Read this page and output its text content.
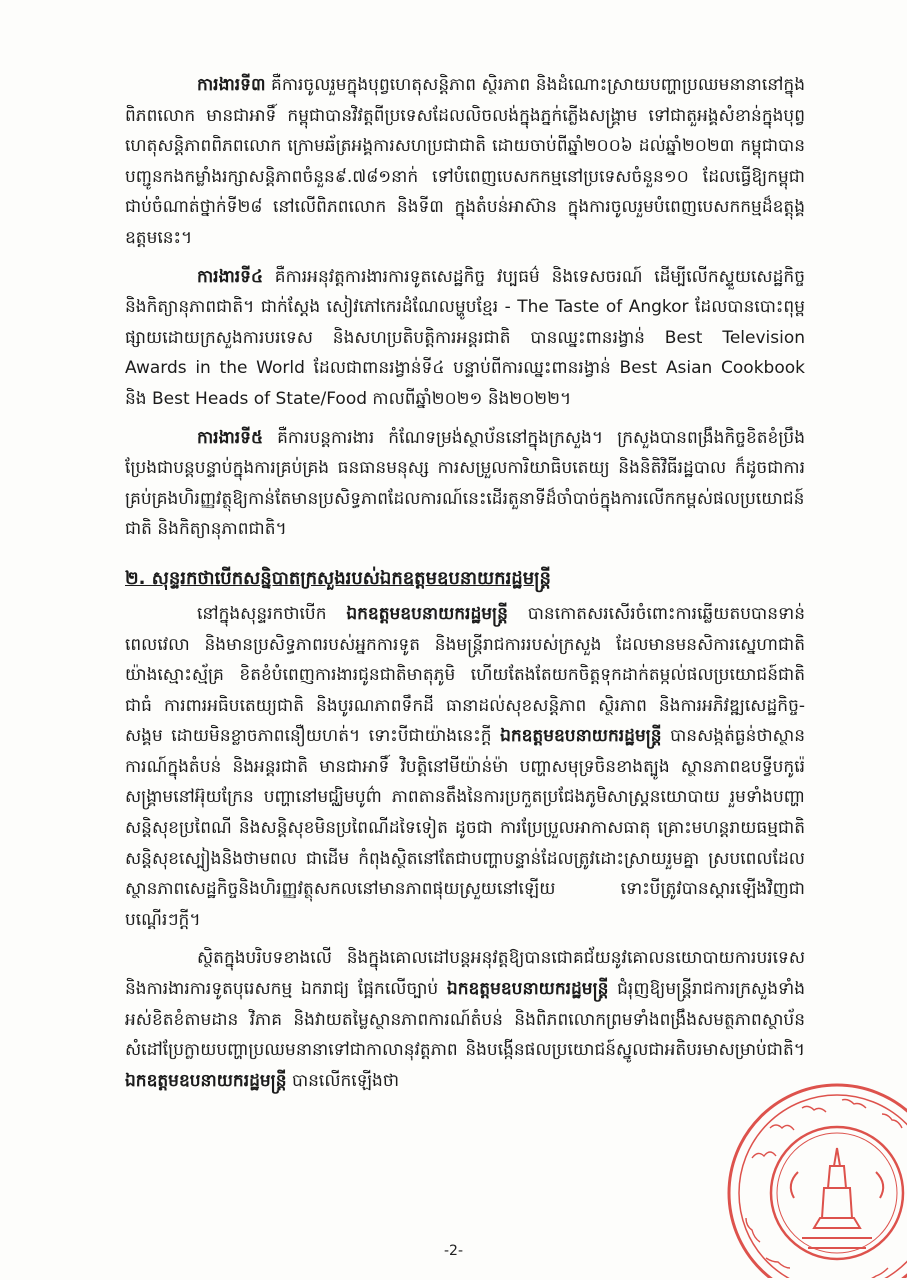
ការងារទី៣ គឺការចូលរួមក្នុងបុព្វហេតុសន្តិភាព ស្ថិរភាព និងដំណោះស្រាយបញ្ហាប្រឈមនានានៅក្នុងពិភពលោក មានជាអាទិ៍ កម្ពុជាបានវិវត្តពីប្រទេសដែលលិចលង់ក្នុងភ្នក់ភ្លើងសង្គ្រាម ទៅជាតួអង្គសំខាន់ក្នុងបុព្វហេតុសន្តិភាពពិភពលោក ក្រោមឆ័ត្រអង្គការសហប្រជាជាតិ ដោយចាប់ពីឆ្នាំ២០០៦ ដល់ឆ្នាំ២០២៣ កម្ពុជាបានបញ្ជូនកងកម្លាំងរក្សាសន្តិភាពចំនួន៩.៧៨១នាក់ ទៅបំពេញបេសកកម្មនៅប្រទេសចំនួន១០ ដែលធ្វើឱ្យកម្ពុជាជាប់ចំណាត់ថ្នាក់ទី២៨ នៅលើពិភពលោក និងទី៣ ក្នុងតំបន់អាស៊ាន ក្នុងការចូលរួមបំពេញបេសកកម្មដ៏ឧត្តុង្គឧត្តមនេះ។

ការងារទី៤ គឺការអនុវត្តការងារការទូតសេដ្ឋកិច្ច វប្បធម៌ និងទេសចរណ៍ ដើម្បីលើកស្ទួយសេដ្ឋកិច្ច និងកិត្យានុភាពជាតិ។ ជាក់ស្តែង សៀវភៅកេរដំណែលម្ហូបខ្មែរ - The Taste of Angkor ដែលបានបោះពុម្ព ផ្សាយដោយក្រសួងការបរទេស និងសហប្រតិបត្តិការអន្តរជាតិ បានឈ្នះពានរង្វាន់ Best Television Awards in the World ដែលជាពានរង្វាន់ទី៤ បន្ទាប់ពីការឈ្នះពានរង្វាន់ Best Asian Cookbook និង Best Heads of State/Food កាលពីឆ្នាំ២០២១ និង២០២២។

ការងារទី៥ គឺការបន្តការងារ កំណែទម្រង់ស្ថាប័ននៅក្នុងក្រសួង។ ក្រសួងបានពង្រឹងកិច្ចខិតខំប្រឹងប្រែងជាបន្តបន្ទាប់ក្នុងការគ្រប់គ្រង ធនធានមនុស្ស ការសម្រួលការិយាធិបតេយ្យ និងនិតិវិធីរដ្ឋបាល ក៏ដូចជាការគ្រប់គ្រងហិរញ្ញវត្ថុឱ្យកាន់តែមានប្រសិទ្ធភាពដែលការណ៍នេះដើរតួនាទីដ៏ចាំបាច់ក្នុងការលើកកម្ពស់ផលប្រយោជន៍ជាតិ និងកិត្យានុភាពជាតិ។

២. សុន្ទរកថាបើកសន្និបាតក្រសួងរបស់ឯកឧត្តមឧបនាយករដ្ឋមន្ត្រី

នៅក្នុងសុន្ទរកថាបើក ឯកឧត្តមឧបនាយករដ្ឋមន្ត្រី បានកោតសរសើរចំពោះការឆ្លើយតបបានទាន់ពេលវេលា និងមានប្រសិទ្ធភាពរបស់អ្នកការទូត និងមន្ត្រីរាជការរបស់ក្រសួង ដែលមានមនសិការស្នេហាជាតិយ៉ាងស្មោះស្ម័គ្រ ខិតខំបំពេញការងារជូនជាតិមាតុភូមិ ហើយតែងតែយកចិត្តទុកដាក់តម្កល់ផលប្រយោជន៍ជាតិជាធំ ការពារអធិបតេយ្យជាតិ និងបូរណភាពទឹកដី ធានាដល់សុខសន្តិភាព ស្ថិរភាព និងការអភិវឌ្ឍសេដ្ឋកិច្ច-សង្គម ដោយមិនខ្លាចភាពនឿយហត់។ ទោះបីជាយ៉ាងនេះក្តី ឯកឧត្តមឧបនាយករដ្ឋមន្ត្រី បានសង្កត់ធ្ងន់ថាស្ថានការណ៍ក្នុងតំបន់ និងអន្តរជាតិ មានជាអាទិ៍ វិបត្តិនៅមីយ៉ាន់ម៉ា បញ្ហាសមុទ្រចិនខាងត្បូង ស្ថានភាពឧបទ្វីបកូរ៉េ សង្គ្រាមនៅអ៊ុយក្រែន បញ្ហានៅមជ្ឈិមបូព៌ា ភាពតានតឹងនៃការប្រកួតប្រជែងភូមិសាស្ត្រនយោបាយ រួមទាំងបញ្ហាសន្តិសុខប្រពៃណី និងសន្តិសុខមិនប្រពៃណីដទៃទៀត ដូចជា ការប្រែប្រួលអាកាសធាតុ គ្រោះមហន្តរាយធម្មជាតិ សន្តិសុខស្បៀងនិងថាមពល ជាដើម កំពុងស្ថិតនៅតែជាបញ្ហាបន្ទាន់ដែលត្រូវដោះស្រាយរួមគ្នា ស្របពេលដែលស្ថានភាពសេដ្ឋកិច្ចនិងហិរញ្ញវត្ថុសកលនៅមានភាពផុយស្រួយនៅឡើយ ទោះបីត្រូវបានស្តារឡើងវិញជាបណ្តើរៗក្តី។

ស្ថិតក្នុងបរិបទខាងលើ និងក្នុងគោលដៅបន្តអនុវត្តឱ្យបានជោគជ័យនូវគោលនយោបាយការបរទេស និងការងារការទូតបុរេសកម្ម ឯករាជ្យ ផ្អែកលើច្បាប់ ឯកឧត្តមឧបនាយករដ្ឋមន្ត្រី ជំរុញឱ្យមន្ត្រីរាជការក្រសួងទាំងអស់ខិតខំតាមដាន វិភាគ និងវាយតម្លៃស្ថានភាពការណ៍តំបន់ និងពិភពលោកព្រមទាំងពង្រឹងសមត្ថភាពស្ថាប័ន សំដៅប្រែក្លាយបញ្ហាប្រឈមនានាទៅជាកាលានុវត្តភាព និងបង្កើនផលប្រយោជន៍ស្នូលជាអតិបរមាសម្រាប់ជាតិ។ ឯកឧត្តមឧបនាយករដ្ឋមន្ត្រី បានលើកឡើងថា

-2-
